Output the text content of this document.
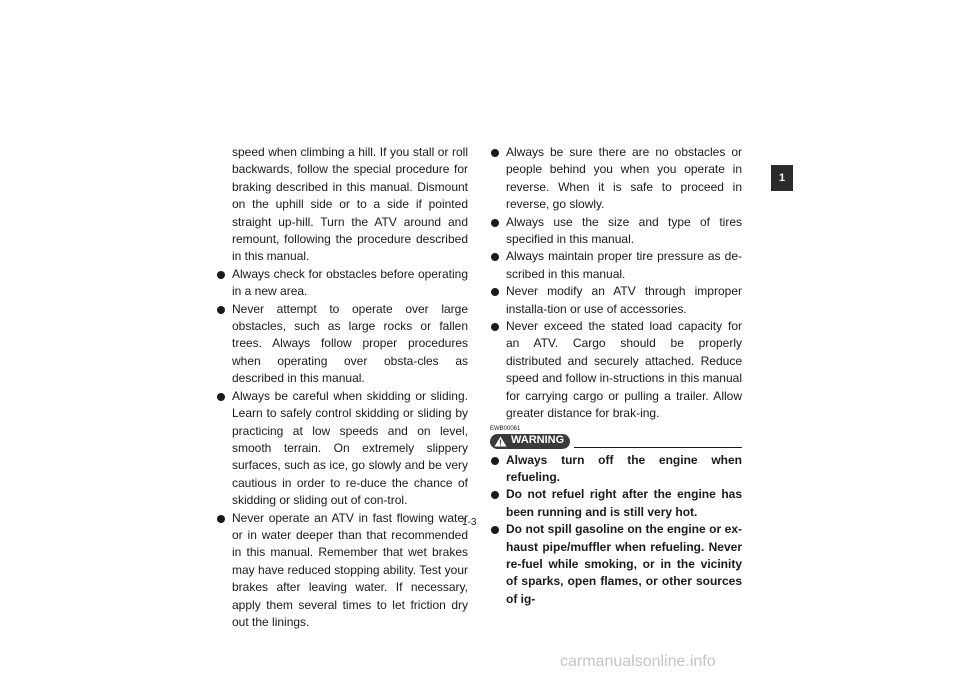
speed when climbing a hill. If you stall or roll backwards, follow the special procedure for braking described in this manual. Dismount on the uphill side or to a side if pointed straight up-hill. Turn the ATV around and remount, following the procedure described in this manual.
Always check for obstacles before operating in a new area.
Never attempt to operate over large obstacles, such as large rocks or fallen trees. Always follow proper procedures when operating over obsta-cles as described in this manual.
Always be careful when skidding or sliding. Learn to safely control skidding or sliding by practicing at low speeds and on level, smooth terrain. On extremely slippery surfaces, such as ice, go slowly and be very cautious in order to re-duce the chance of skidding or sliding out of con-trol.
Never operate an ATV in fast flowing water or in water deeper than that recommended in this manual. Remember that wet brakes may have reduced stopping ability. Test your brakes after leaving water. If necessary, apply them several times to let friction dry out the linings.
Always be sure there are no obstacles or people behind you when you operate in reverse. When it is safe to proceed in reverse, go slowly.
Always use the size and type of tires specified in this manual.
Always maintain proper tire pressure as de-scribed in this manual.
Never modify an ATV through improper installa-tion or use of accessories.
Never exceed the stated load capacity for an ATV. Cargo should be properly distributed and securely attached. Reduce speed and follow in-structions in this manual for carrying cargo or pulling a trailer. Allow greater distance for brak-ing.
EWB00061
WARNING
Always turn off the engine when refueling.
Do not refuel right after the engine has been running and is still very hot.
Do not spill gasoline on the engine or ex-haust pipe/muffler when refueling. Never re-fuel while smoking, or in the vicinity of sparks, open flames, or other sources of ig-
1
1-3
carmanualsonline.info
